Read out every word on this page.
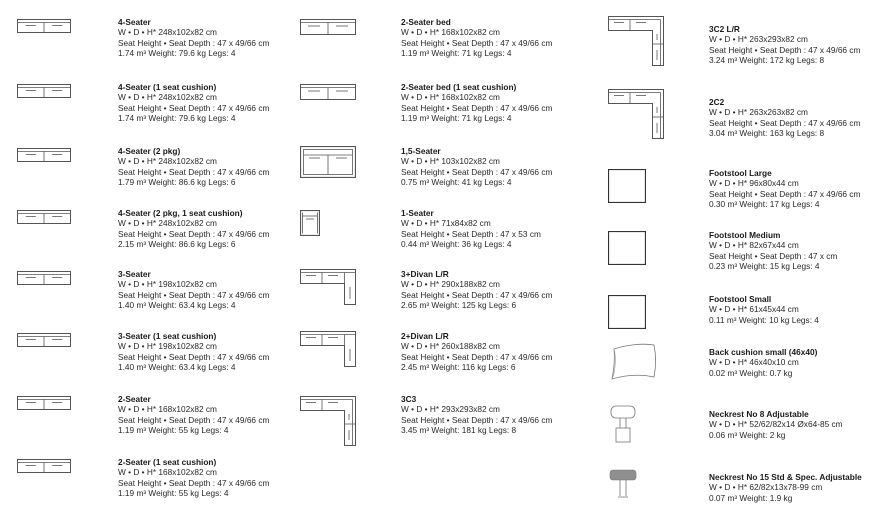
4-Seater
W • D • H* 248x102x82 cm
Seat Height • Seat Depth : 47 x 49/66 cm
1.74 m³ Weight: 79.6 kg Legs: 4
4-Seater (1 seat cushion)
W • D • H* 248x102x82 cm
Seat Height • Seat Depth : 47 x 49/66 cm
1.74 m³ Weight: 79.6 kg Legs: 4
4-Seater (2 pkg)
W • D • H* 248x102x82 cm
Seat Height • Seat Depth : 47 x 49/66 cm
1.79 m³ Weight: 86.6 kg Legs: 6
4-Seater (2 pkg, 1 seat cushion)
W • D • H* 248x102x82 cm
Seat Height • Seat Depth : 47 x 49/66 cm
2.15 m³ Weight: 86.6 kg Legs: 6
3-Seater
W • D • H* 198x102x82 cm
Seat Height • Seat Depth : 47 x 49/66 cm
1.40 m³ Weight: 63.4 kg Legs: 4
3-Seater (1 seat cushion)
W • D • H* 198x102x82 cm
Seat Height • Seat Depth : 47 x 49/66 cm
1.40 m³ Weight: 63.4 kg Legs: 4
2-Seater
W • D • H* 168x102x82 cm
Seat Height • Seat Depth : 47 x 49/66 cm
1.19 m³ Weight: 55 kg Legs: 4
2-Seater (1 seat cushion)
W • D • H* 168x102x82 cm
Seat Height • Seat Depth : 47 x 49/66 cm
1.19 m³ Weight: 55 kg Legs: 4
2-Seater bed
W • D • H* 168x102x82 cm
Seat Height • Seat Depth : 47 x 49/66 cm
1.19 m³ Weight: 71 kg Legs: 4
2-Seater bed (1 seat cushion)
W • D • H* 168x102x82 cm
Seat Height • Seat Depth : 47 x 49/66 cm
1.19 m³ Weight: 71 kg Legs: 4
1,5-Seater
W • D • H* 103x102x82 cm
Seat Height • Seat Depth : 47 x 49/66 cm
0.75 m³ Weight: 41 kg Legs: 4
1-Seater
W • D • H* 71x84x82 cm
Seat Height • Seat Depth : 47 x 53 cm
0.44 m³ Weight: 36 kg Legs: 4
3+Divan L/R
W • D • H* 290x188x82 cm
Seat Height • Seat Depth : 47 x 49/66 cm
2.65 m³ Weight: 125 kg Legs: 6
2+Divan L/R
W • D • H* 260x188x82 cm
Seat Height • Seat Depth : 47 x 49/66 cm
2.45 m³ Weight: 116 kg Legs: 6
3C3
W • D • H* 293x293x82 cm
Seat Height • Seat Depth : 47 x 49/66 cm
3.45 m³ Weight: 181 kg Legs: 8
3C2 L/R
W • D • H* 263x293x82 cm
Seat Height • Seat Depth : 47 x 49/66 cm
3.24 m³ Weight: 172 kg Legs: 8
2C2
W • D • H* 263x263x82 cm
Seat Height • Seat Depth : 47 x 49/66 cm
3.04 m³ Weight: 163 kg Legs: 8
Footstool Large
W • D • H* 96x80x44 cm
Seat Height • Seat Depth : 47 x 49/66 cm
0.30 m³ Weight: 17 kg Legs: 4
Footstool Medium
W • D • H* 82x67x44 cm
Seat Height • Seat Depth : 47 x cm
0.23 m³ Weight: 15 kg Legs: 4
Footstool Small
W • D • H* 61x45x44 cm
0.11 m³ Weight: 10 kg Legs: 4
Back cushion small (46x40)
W • D • H* 46x40x10 cm
0.02 m³ Weight: 0.7 kg
Neckrest No 8 Adjustable
W • D • H* 52/62/82x14 Øx64-85 cm
0.06 m³ Weight: 2 kg
Neckrest No 15 Std & Spec. Adjustable
W • D • H* 62/82x13x78-99 cm
0.07 m³ Weight: 1.9 kg
